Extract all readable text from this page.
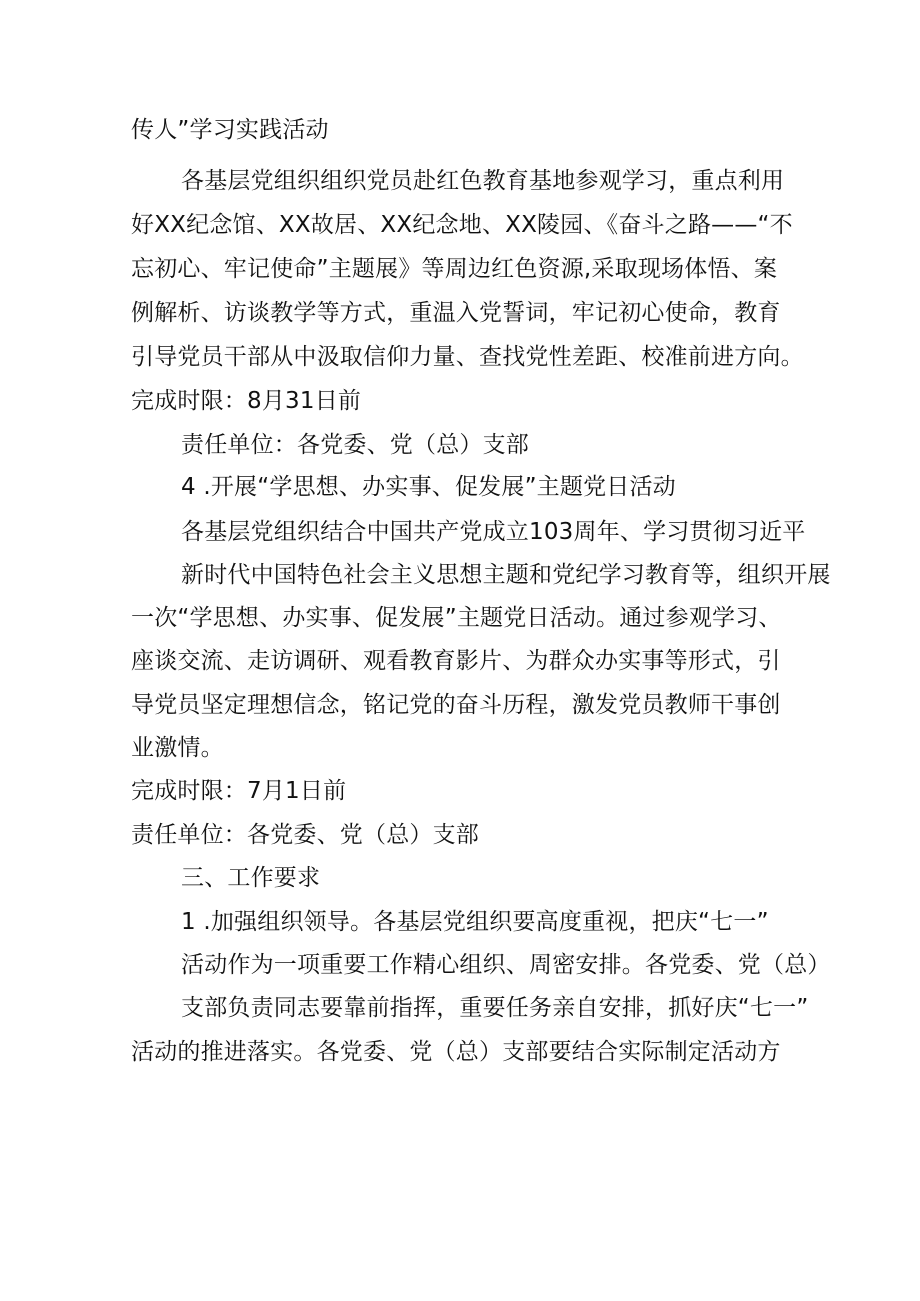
传人”学习实践活动
各基层党组织组织党员赴红色教育基地参观学习，重点利用
好XX纪念馆、XX故居、XX纪念地、XX陵园、《奋斗之路——“不
忘初心、牢记使命”主题展》等周边红色资源,采取现场体悟、案
例解析、访谈教学等方式，重温入党誓词，牢记初心使命，教育
引导党员干部从中汲取信仰力量、查找党性差距、校准前进方向。
完成时限：8月31日前
责任单位：各党委、党（总）支部
4 .开展“学思想、办实事、促发展”主题党日活动
各基层党组织结合中国共产党成立103周年、学习贯彻习近平
新时代中国特色社会主义思想主题和党纪学习教育等，组织开展
一次“学思想、办实事、促发展”主题党日活动。通过参观学习、
座谈交流、走访调研、观看教育影片、为群众办实事等形式，引
导党员坚定理想信念，铭记党的奋斗历程，激发党员教师干事创
业激情。
完成时限：7月1日前
责任单位：各党委、党（总）支部
三、工作要求
1 .加强组织领导。各基层党组织要高度重视，把庆“七一”
活动作为一项重要工作精心组织、周密安排。各党委、党（总）
支部负责同志要靠前指挥，重要任务亲自安排，抓好庆“七一”
活动的推进落实。各党委、党（总）支部要结合实际制定活动方
